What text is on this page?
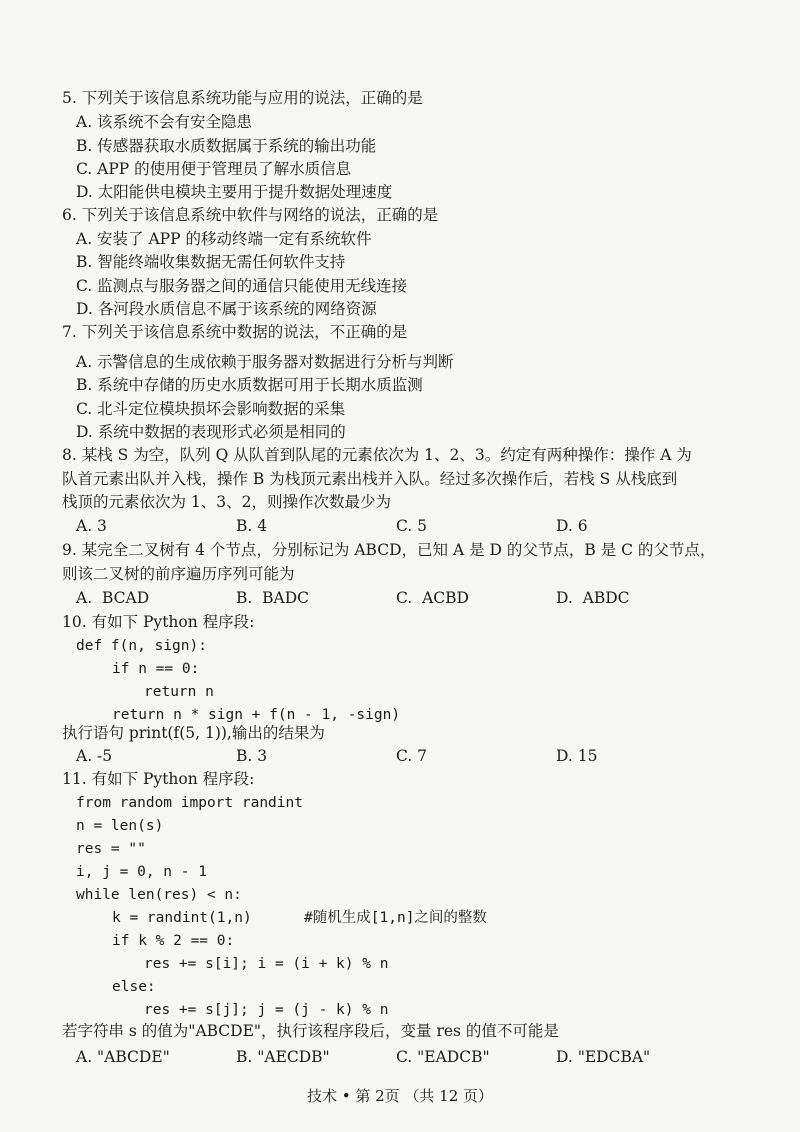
5. 下列关于该信息系统功能与应用的说法，正确的是
A. 该系统不会有安全隐患
B. 传感器获取水质数据属于系统的输出功能
C. APP 的使用便于管理员了解水质信息
D. 太阳能供电模块主要用于提升数据处理速度
6. 下列关于该信息系统中软件与网络的说法，正确的是
A. 安装了 APP 的移动终端一定有系统软件
B. 智能终端收集数据无需任何软件支持
C. 监测点与服务器之间的通信只能使用无线连接
D. 各河段水质信息不属于该系统的网络资源
7. 下列关于该信息系统中数据的说法，不正确的是
A. 示警信息的生成依赖于服务器对数据进行分析与判断
B. 系统中存储的历史水质数据可用于长期水质监测
C. 北斗定位模块损坏会影响数据的采集
D. 系统中数据的表现形式必须是相同的
8. 某栈 S 为空，队列 Q 从队首到队尾的元素依次为 1、2、3。约定有两种操作：操作 A 为
队首元素出队并入栈，操作 B 为栈顶元素出栈并入队。经过多次操作后，若栈 S 从栈底到
栈顶的元素依次为 1、3、2，则操作次数最少为
A. 3	B. 4	C. 5	D. 6
9. 某完全二叉树有 4 个节点，分别标记为 ABCD，已知 A 是 D 的父节点，B 是 C 的父节点，
则该二叉树的前序遍历序列可能为
A.  BCAD	B.  BADC	C.  ACBD	D.  ABDC
10. 有如下 Python 程序段:
def f(n, sign):
if n == 0:
return n
return n * sign + f(n - 1, -sign)
执行语句 print(f(5, 1)),输出的结果为
A. -5	B. 3	C. 7	D. 15
11. 有如下 Python 程序段:
from random import randint
n = len(s)
res = ""
i, j = 0, n - 1
while len(res) < n:
k = randint(1,n)      #随机生成[1,n]之间的整数
if k % 2 == 0:
res += s[i]; i = (i + k) % n
else:
res += s[j]; j = (j - k) % n
若字符串 s 的值为"ABCDE"，执行该程序段后，变量 res 的值不可能是
A. "ABCDE"	B. "AECDB"	C. "EADCB"	D. "EDCBA"
技术 • 第 2页 （共 12 页）
